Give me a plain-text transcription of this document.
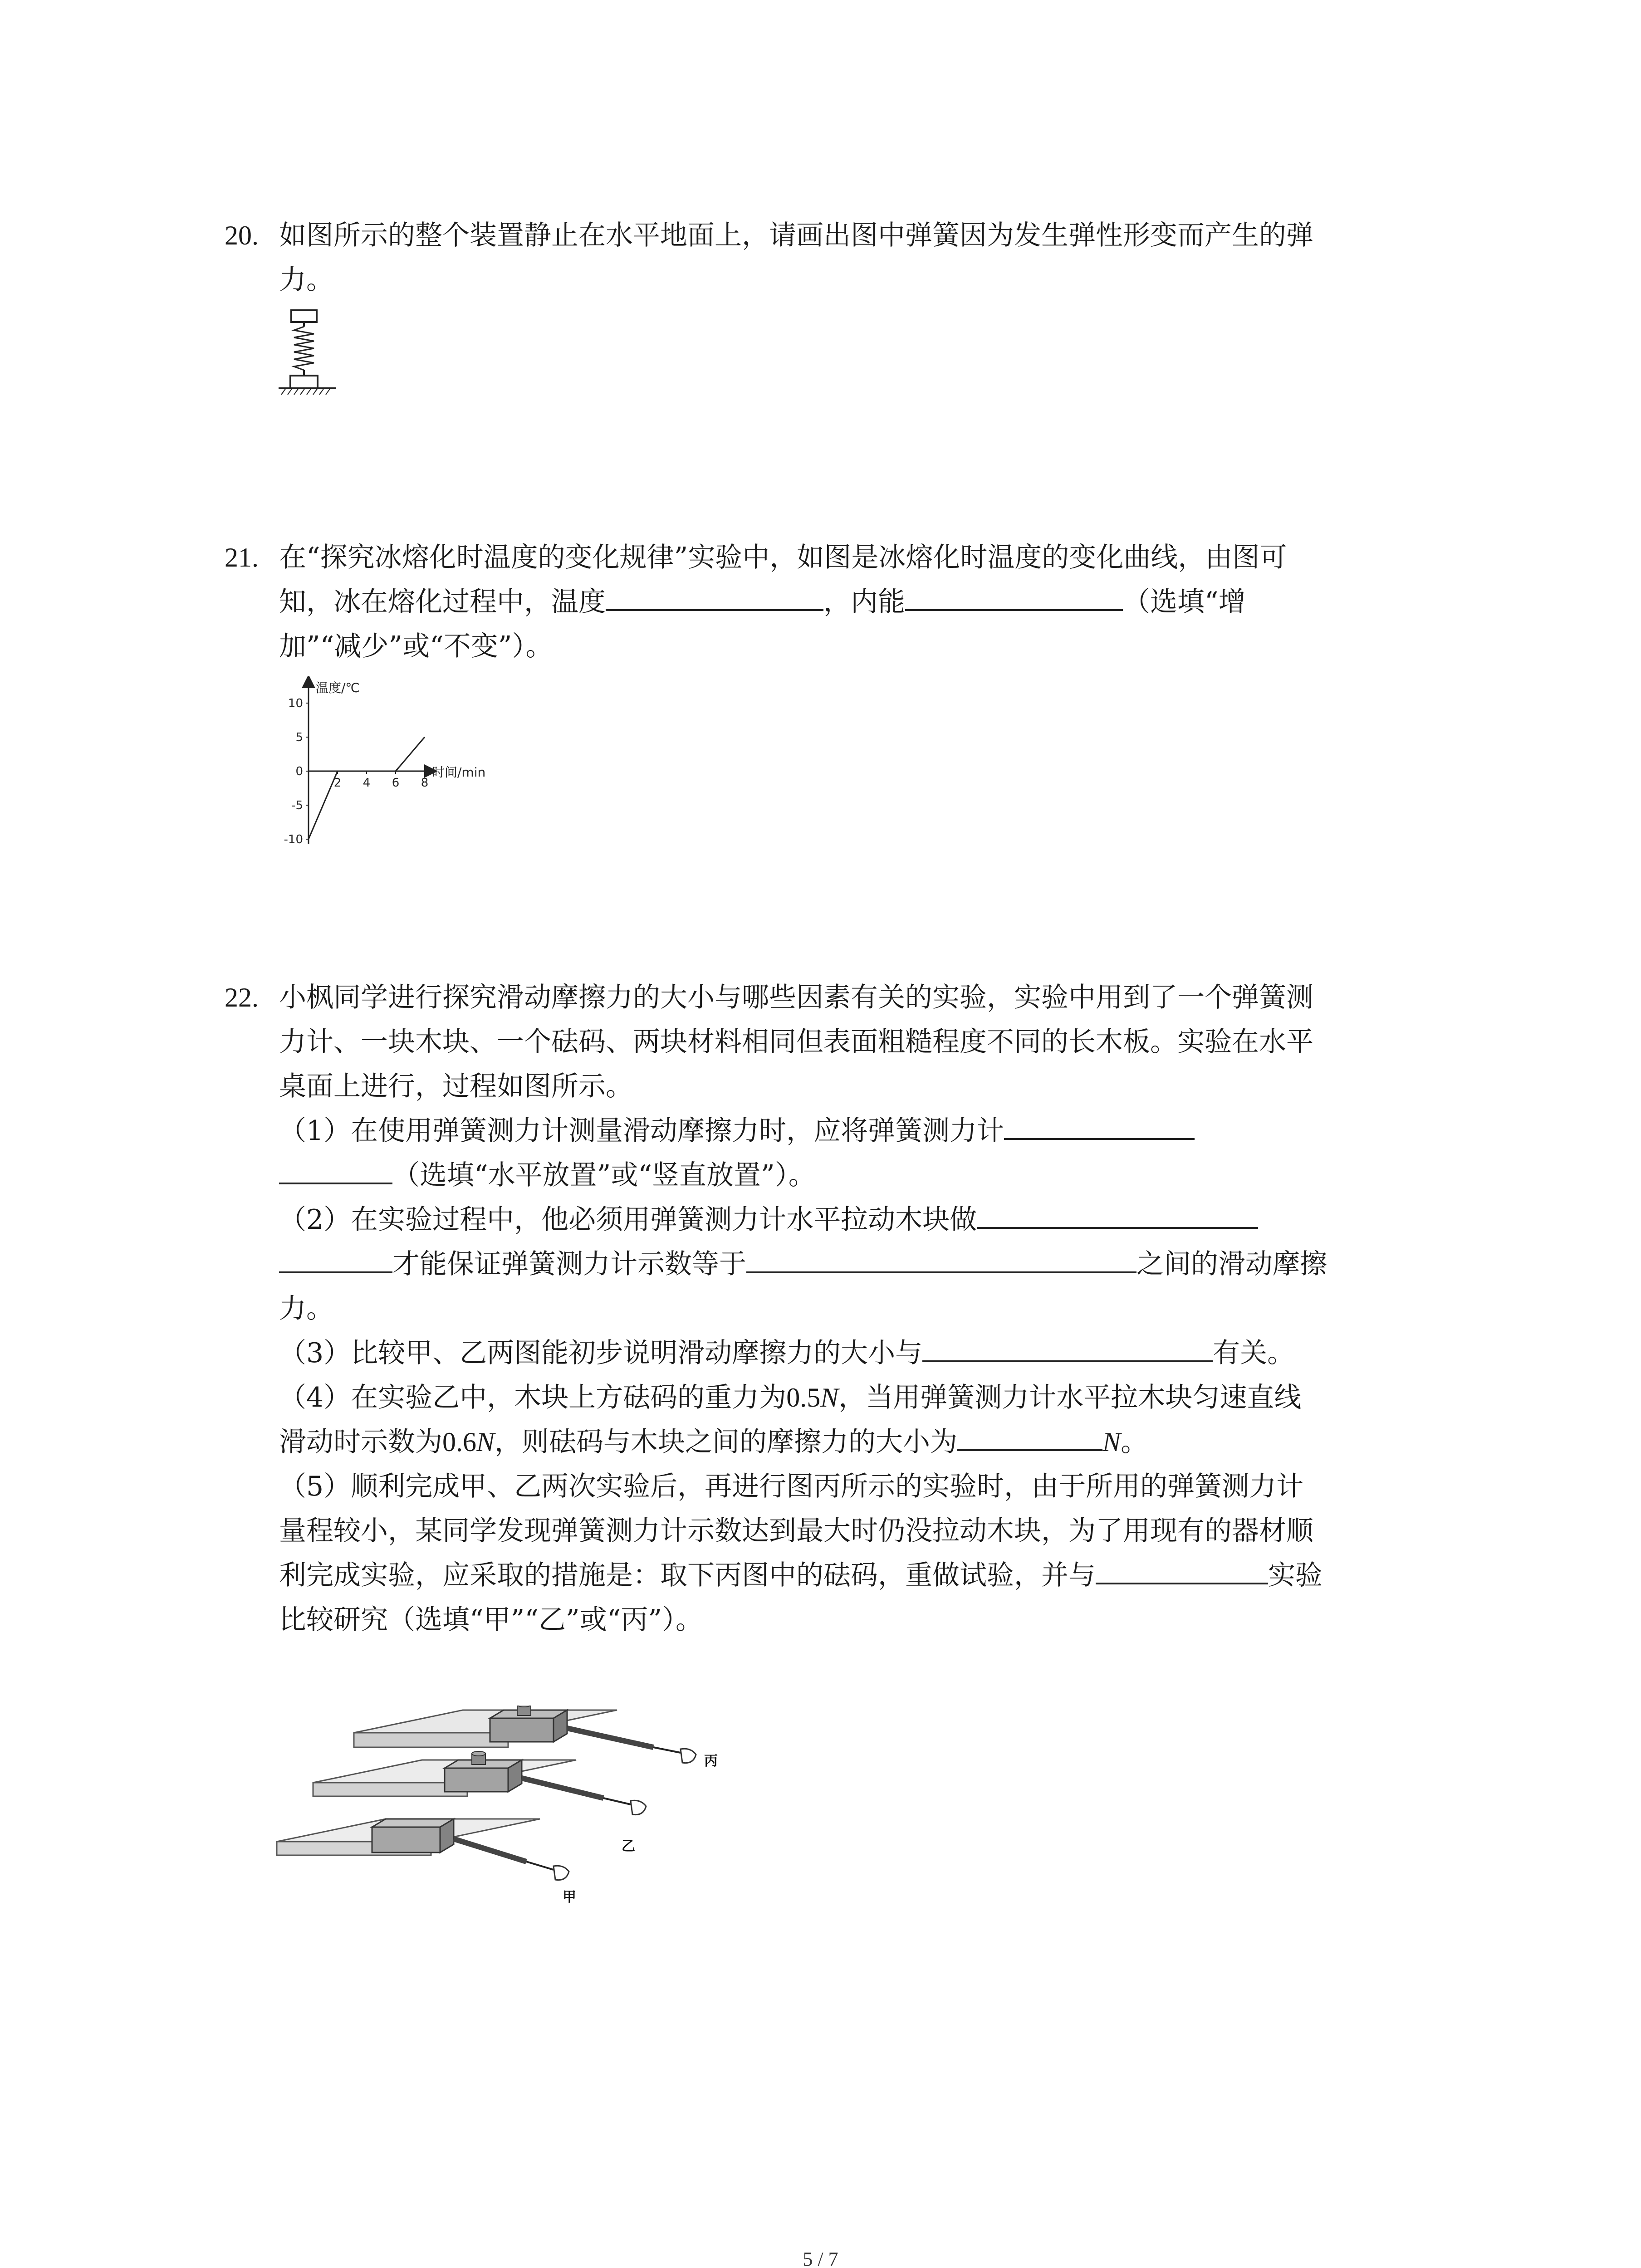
20. 如图所示的整个装置静止在水平地面上，请画出图中弹簧因为发生弹性形变而产生的弹
力。
21. 在“探究冰熔化时温度的变化规律”实验中，如图是冰熔化时温度的变化曲线，由图可
知，冰在熔化过程中，温度	，内能	（选填“增
加”“减少”或“不变”）。
温度/℃
时间/min
10
5
0
-5
-10
2 4 6 8
22. 小枫同学进行探究滑动摩擦力的大小与哪些因素有关的实验，实验中用到了一个弹簧测
力计、一块木块、一个砝码、两块材料相同但表面粗糙程度不同的长木板。实验在水平
桌面上进行，过程如图所示。
（1）在使用弹簧测力计测量滑动摩擦力时，应将弹簧测力计
（选填“水平放置”或“竖直放置”）。
（2）在实验过程中，他必须用弹簧测力计水平拉动木块做
才能保证弹簧测力计示数等于	之间的滑动摩擦
力。
（3）比较甲、乙两图能初步说明滑动摩擦力的大小与	有关。
（4）在实验乙中，木块上方砝码的重力为0.5N，当用弹簧测力计水平拉木块匀速直线
滑动时示数为0.6N，则砝码与木块之间的摩擦力的大小为	N。
（5）顺利完成甲、乙两次实验后，再进行图丙所示的实验时，由于所用的弹簧测力计
量程较小，某同学发现弹簧测力计示数达到最大时仍没拉动木块，为了用现有的器材顺
利完成实验，应采取的措施是：取下丙图中的砝码，重做试验，并与	实验
比较研究（选填“甲”“乙”或“丙”）。
丙
乙
甲
5 / 7
